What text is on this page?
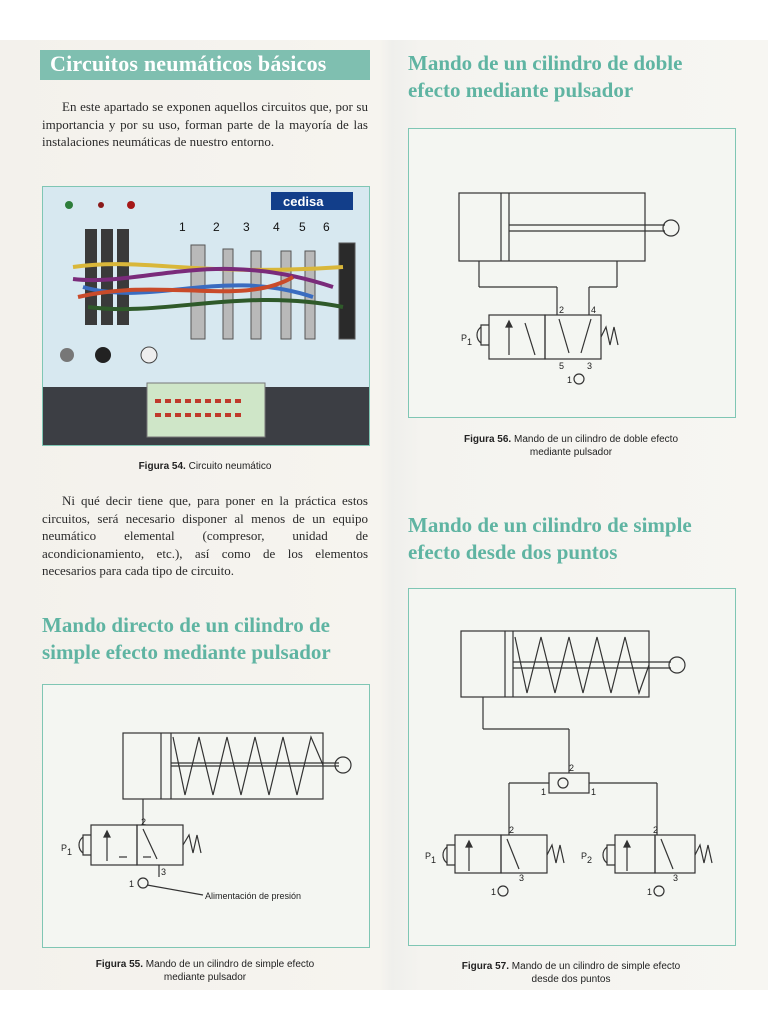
Circuitos neumáticos básicos
En este apartado se exponen aquellos circuitos que, por su importancia y por su uso, forman parte de la mayoría de las instalaciones neumáticas de nuestro entorno.
cedisa
1 2 3 4 5 6
Figura 54. Circuito neumático
Ni qué decir tiene que, para poner en la práctica estos circuitos, será necesario disponer al menos de un equipo neumático elemental (compresor, unidad de acondicionamiento, etc.), así como de los elementos necesarios para cada tipo de circuito.
Mando directo de un cilindro de
simple efecto mediante pulsador
P 1
2
1
3
Alimentación de presión
Figura 55. Mando de un cilindro de simple efecto
mediante pulsador
Mando de un cilindro de doble
efecto mediante pulsador
P 1
2	4
5	3
1
Figura 56. Mando de un cilindro de doble efecto
mediante pulsador
Mando de un cilindro de simple
efecto desde dos puntos
2
1	1
P 1	P 2
2	2
3	3
1	1
Figura 57. Mando de un cilindro de simple efecto
desde dos puntos
